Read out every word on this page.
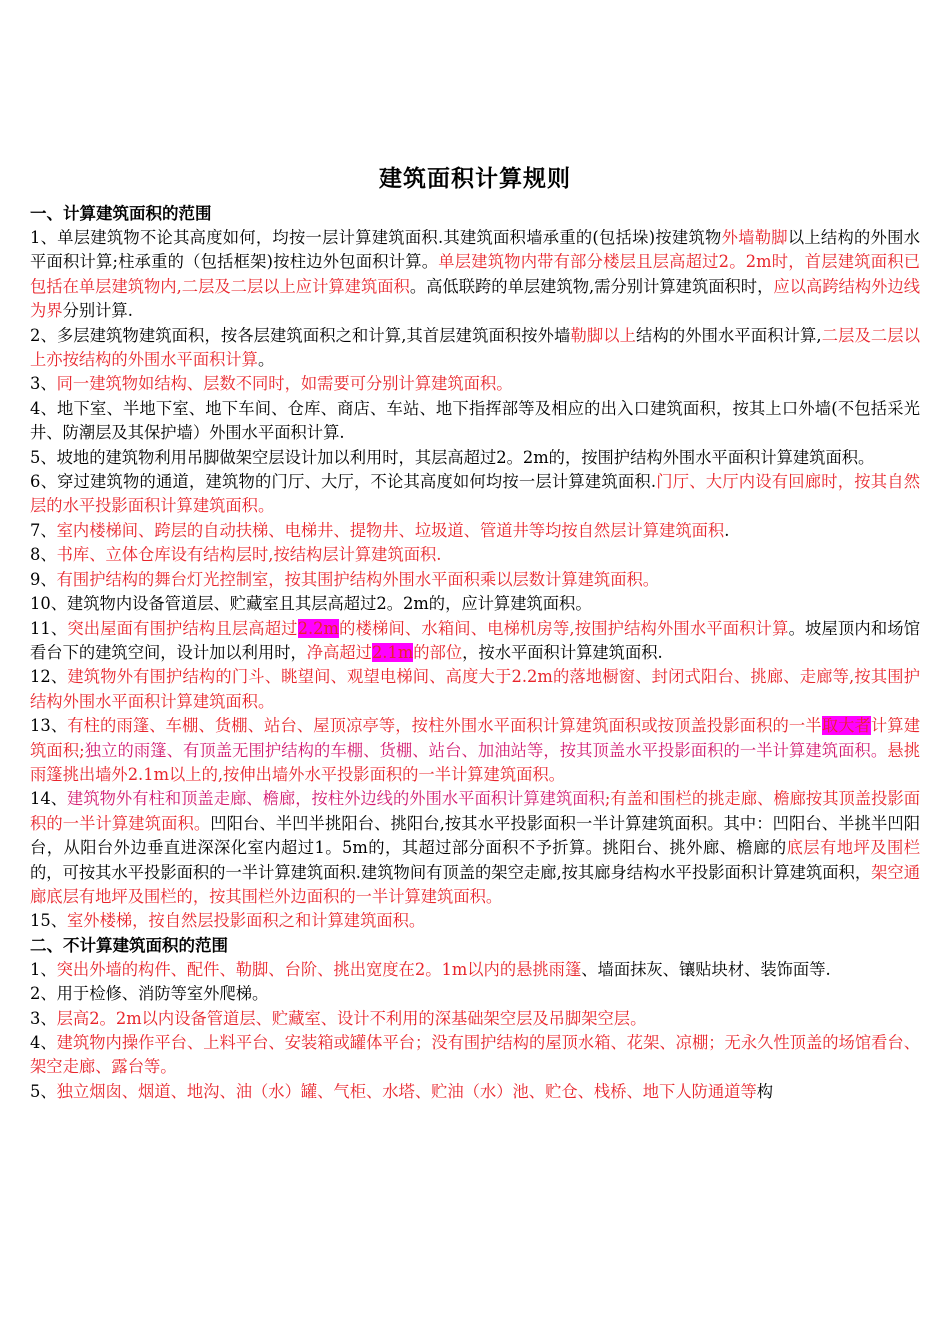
建筑面积计算规则
一、计算建筑面积的范围
1、单层建筑物不论其高度如何，均按一层计算建筑面积.其建筑面积墙承重的(包括垛)按建筑物外墙勒脚以上结构的外围水平面积计算;柱承重的（包括框架)按柱边外包面积计算。单层建筑物内带有部分楼层且层高超过2。2m时，首层建筑面积已包括在单层建筑物内,二层及二层以上应计算建筑面积。高低联跨的单层建筑物,需分别计算建筑面积时，应以高跨结构外边线为界分别计算.
2、多层建筑物建筑面积，按各层建筑面积之和计算,其首层建筑面积按外墙勒脚以上结构的外围水平面积计算,二层及二层以上亦按结构的外围水平面积计算。
3、同一建筑物如结构、层数不同时，如需要可分别计算建筑面积。
4、地下室、半地下室、地下车间、仓库、商店、车站、地下指挥部等及相应的出入口建筑面积，按其上口外墙(不包括采光井、防潮层及其保护墙）外围水平面积计算.
5、坡地的建筑物利用吊脚做架空层设计加以利用时，其层高超过2。2m的，按围护结构外围水平面积计算建筑面积。
6、穿过建筑物的通道，建筑物的门厅、大厅，不论其高度如何均按一层计算建筑面积.门厅、大厅内设有回廊时，按其自然层的水平投影面积计算建筑面积。
7、室内楼梯间、跨层的自动扶梯、电梯井、提物井、垃圾道、管道井等均按自然层计算建筑面积.
8、书库、立体仓库设有结构层时,按结构层计算建筑面积.
9、有围护结构的舞台灯光控制室，按其围护结构外围水平面积乘以层数计算建筑面积。
10、建筑物内设备管道层、贮藏室且其层高超过2。2m的，应计算建筑面积。
11、突出屋面有围护结构且层高超过2.2m的楼梯间、水箱间、电梯机房等,按围护结构外围水平面积计算。坡屋顶内和场馆看台下的建筑空间，设计加以利用时，净高超过2.1m的部位，按水平面积计算建筑面积.
12、建筑物外有围护结构的门斗、眺望间、观望电梯间、高度大于2.2m的落地橱窗、封闭式阳台、挑廊、走廊等,按其围护结构外围水平面积计算建筑面积。
13、有柱的雨篷、车棚、货棚、站台、屋顶凉亭等，按柱外围水平面积计算建筑面积或按顶盖投影面积的一半取大者计算建筑面积;独立的雨篷、有顶盖无围护结构的车棚、货棚、站台、加油站等，按其顶盖水平投影面积的一半计算建筑面积。悬挑雨篷挑出墙外2.1m以上的,按伸出墙外水平投影面积的一半计算建筑面积。
14、建筑物外有柱和顶盖走廊、檐廊，按柱外边线的外围水平面积计算建筑面积;有盖和围栏的挑走廊、檐廊按其顶盖投影面积的一半计算建筑面积。凹阳台、半凹半挑阳台、挑阳台,按其水平投影面积一半计算建筑面积。其中：凹阳台、半挑半凹阳台，从阳台外边垂直进深深化室内超过1。5m的，其超过部分面积不予折算。挑阳台、挑外廊、檐廊的底层有地坪及围栏的，可按其水平投影面积的一半计算建筑面积.建筑物间有顶盖的架空走廊,按其廊身结构水平投影面积计算建筑面积，架空通廊底层有地坪及围栏的，按其围栏外边面积的一半计算建筑面积。
15、室外楼梯，按自然层投影面积之和计算建筑面积。
二、不计算建筑面积的范围
1、突出外墙的构件、配件、勒脚、台阶、挑出宽度在2。1m以内的悬挑雨篷、墙面抹灰、镶贴块材、装饰面等.
2、用于检修、消防等室外爬梯。
3、层高2。2m以内设备管道层、贮藏室、设计不利用的深基础架空层及吊脚架空层。
4、建筑物内操作平台、上料平台、安装箱或罐体平台；没有围护结构的屋顶水箱、花架、凉棚；无永久性顶盖的场馆看台、架空走廊、露台等。
5、独立烟囱、烟道、地沟、油（水）罐、气柜、水塔、贮油（水）池、贮仓、栈桥、地下人防通道等构
